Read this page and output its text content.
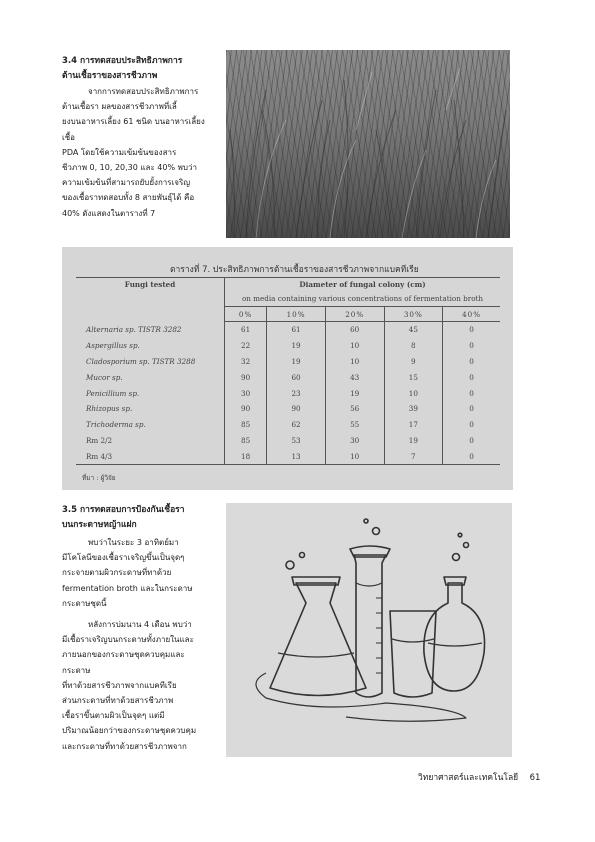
3.4 การทดสอบประสิทธิภาพการ
ต้านเชื้อราของสารชีวภาพ

จากการทดสอบประสิทธิภาพการ
ต้านเชื้อรา ผลของสารชีวภาพที่เลี้
ยงบนอาหารเลี้ยง 61 ชนิด บนอาหารเลี้ยงเชื้อ
PDA โดยใช้ความเข้มข้นของสาร
ชีวภาพ 0, 10, 20,30 และ 40% พบว่า
ความเข้มข้นที่สามารถยับยั้งการเจริญ
ของเชื้อราทดสอบทั้ง 8 สายพันธุ์ได้ คือ
40% ดังแสดงในตารางที่ 7

ตารางที่ 7. ประสิทธิภาพการต้านเชื้อราของสารชีวภาพจากแบคทีเรีย
Fungi tested	Diameter of fungal colony (cm)				
	on media containing various concentrations of fermentation broth				
	0%	10%	20%	30%	40%
Alternaria sp. TISTR 3282	61	61	60	45	0
Aspergillus sp.	22	19	10	8	0
Cladosporium sp. TISTR 3288	32	19	10	9	0
Mucor sp.	90	60	43	15	0
Penicillium sp.	30	23	19	10	0
Rhizopus sp.	90	90	56	39	0
Trichoderma sp.	85	62	55	17	0
Rm 2/2	85	53	30	19	0
Rm 4/3	18	13	10	7	0
ที่มา : ผู้วิจัย

3.5 การทดสอบการป้องกันเชื้อรา
บนกระดาษหญ้าแฝก

พบว่าในระยะ 3 อาทิตย์มา
มีโคโลนีของเชื้อราเจริญขึ้นเป็นจุดๆ
กระจายตามผิวกระดาษที่ทาด้วย
fermentation broth และในกระดาษ
กระดาษชุดนี้

หลังการบ่มนาน 4 เดือน พบว่า
มีเชื้อราเจริญบนกระดาษทั้งภายในและ
ภายนอกของกระดาษชุดควบคุมและกระดาษ
ที่ทาด้วยสารชีวภาพจากแบคทีเรีย
ส่วนกระดาษที่ทาด้วยสารชีวภาพ
เชื้อราขึ้นตามผิวเป็นจุดๆ แต่มี
ปริมาณน้อยกว่าของกระดาษชุดควบคุม
และกระดาษที่ทาด้วยสารชีวภาพจาก

วิทยาศาสตร์และเทคโนโลยี 61
